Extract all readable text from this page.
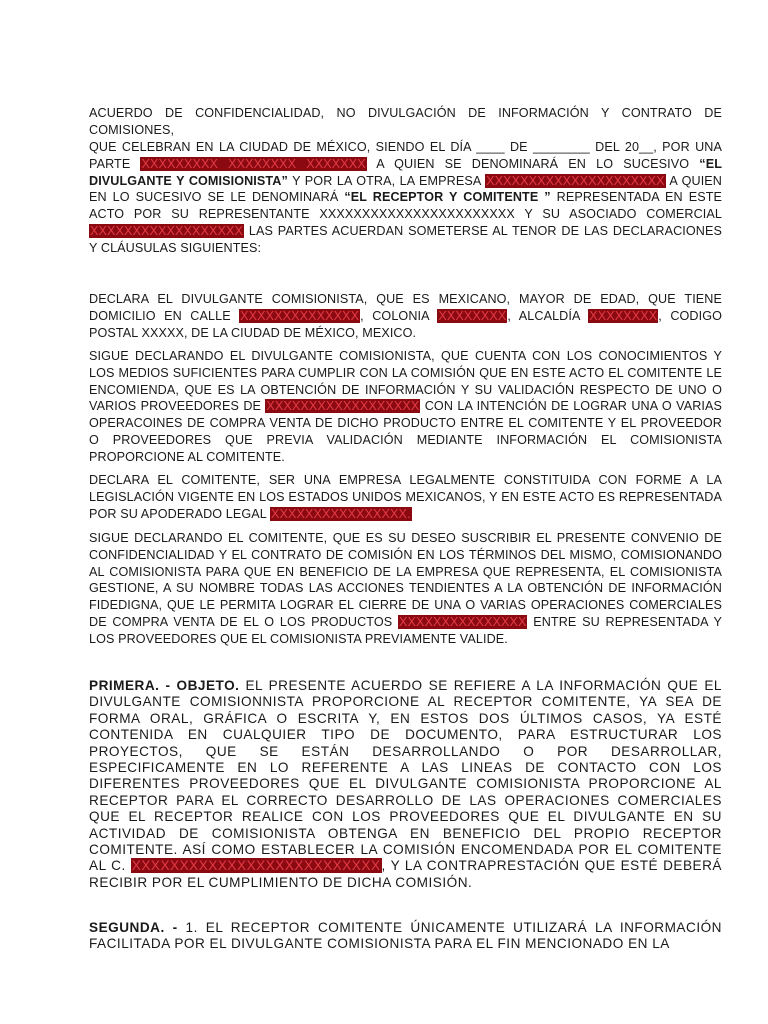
ACUERDO DE CONFIDENCIALIDAD, NO DIVULGACIÓN DE INFORMACIÓN Y CONTRATO DE COMISIONES,
QUE CELEBRAN EN LA CIUDAD DE MÉXICO, SIENDO EL DÍA ____ DE ________ DEL 20__, POR UNA PARTE XXXXXXXXX XXXXXXXX XXXXXXX A QUIEN SE DENOMINARÁ EN LO SUCESIVO “EL DIVULGANTE Y COMISIONISTA” Y POR LA OTRA, LA EMPRESA XXXXXXXXXXXXXXXXXXXXX A QUIEN EN LO SUCESIVO SE LE DENOMINARÁ “EL RECEPTOR Y COMITENTE ” REPRESENTADA EN ESTE ACTO POR SU REPRESENTANTE XXXXXXXXXXXXXXXXXXXXXXX Y SU ASOCIADO COMERCIAL XXXXXXXXXXXXXXXXXX LAS PARTES ACUERDAN SOMETERSE AL TENOR DE LAS DECLARACIONES Y CLÁUSULAS SIGUIENTES:
DECLARA EL DIVULGANTE COMISIONISTA, QUE ES MEXICANO, MAYOR DE EDAD, QUE TIENE DOMICILIO EN CALLE XXXXXXXXXXXXXX, COLONIA XXXXXXXX, ALCALDÍA XXXXXXXX, CODIGO POSTAL XXXXX, DE LA CIUDAD DE MÉXICO, MEXICO.
SIGUE DECLARANDO EL DIVULGANTE COMISIONISTA, QUE CUENTA CON LOS CONOCIMIENTOS Y LOS MEDIOS SUFICIENTES PARA CUMPLIR CON LA COMISIÓN QUE EN ESTE ACTO EL COMITENTE LE ENCOMIENDA, QUE ES LA OBTENCIÓN DE INFORMACIÓN Y SU VALIDACIÓN RESPECTO DE UNO O VARIOS PROVEEDORES DE XXXXXXXXXXXXXXXXXX CON LA INTENCIÓN DE LOGRAR UNA O VARIAS OPERACOINES DE COMPRA VENTA DE DICHO PRODUCTO ENTRE EL COMITENTE Y EL PROVEEDOR O PROVEEDORES QUE PREVIA VALIDACIÓN MEDIANTE INFORMACIÓN EL COMISIONISTA PROPORCIONE AL COMITENTE.
DECLARA EL COMITENTE, SER UNA EMPRESA LEGALMENTE CONSTITUIDA CON FORME A LA LEGISLACIÓN VIGENTE EN LOS ESTADOS UNIDOS MEXICANOS, Y EN ESTE ACTO ES REPRESENTADA POR SU APODERADO LEGAL XXXXXXXXXXXXXXXX.
SIGUE DECLARANDO EL COMITENTE, QUE ES SU DESEO SUSCRIBIR EL PRESENTE CONVENIO DE CONFIDENCIALIDAD Y EL CONTRATO DE COMISIÓN EN LOS TÉRMINOS DEL MISMO, COMISIONANDO AL COMISIONISTA PARA QUE EN BENEFICIO DE LA EMPRESA QUE REPRESENTA, EL COMISIONISTA GESTIONE, A SU NOMBRE TODAS LAS ACCIONES TENDIENTES A LA OBTENCIÓN DE INFORMACIÓN FIDEDIGNA, QUE LE PERMITA LOGRAR EL CIERRE DE UNA O VARIAS OPERACIONES COMERCIALES DE COMPRA VENTA DE EL O LOS PRODUCTOS XXXXXXXXXXXXXXX ENTRE SU REPRESENTADA Y LOS PROVEEDORES QUE EL COMISIONISTA PREVIAMENTE VALIDE.
PRIMERA. - OBJETO. EL PRESENTE ACUERDO SE REFIERE A LA INFORMACIÓN QUE EL DIVULGANTE COMISIONNISTA PROPORCIONE AL RECEPTOR COMITENTE, YA SEA DE FORMA ORAL, GRÁFICA O ESCRITA Y, EN ESTOS DOS ÚLTIMOS CASOS, YA ESTÉ CONTENIDA EN CUALQUIER TIPO DE DOCUMENTO, PARA ESTRUCTURAR LOS PROYECTOS, QUE SE ESTÁN DESARROLLANDO O POR DESARROLLAR, ESPECIFICAMENTE EN LO REFERENTE A LAS LINEAS DE CONTACTO CON LOS DIFERENTES PROVEEDORES QUE EL DIVULGANTE COMISIONISTA PROPORCIONE AL RECEPTOR PARA EL CORRECTO DESARROLLO DE LAS OPERACIONES COMERCIALES QUE EL RECEPTOR REALICE CON LOS PROVEEDORES QUE EL DIVULGANTE EN SU ACTIVIDAD DE COMISIONISTA OBTENGA EN BENEFICIO DEL PROPIO RECEPTOR COMITENTE. ASÍ COMO ESTABLECER LA COMISIÓN ENCOMENDADA POR EL COMITENTE AL C. XXXXXXXXXXXXXXXXXXXXXXXXXX, Y LA CONTRAPRESTACIÓN QUE ESTÉ DEBERÁ RECIBIR POR EL CUMPLIMIENTO DE DICHA COMISIÓN.
SEGUNDA. - 1. EL RECEPTOR COMITENTE ÚNICAMENTE UTILIZARÁ LA INFORMACIÓN FACILITADA POR EL DIVULGANTE COMISIONISTA PARA EL FIN MENCIONADO EN LA
